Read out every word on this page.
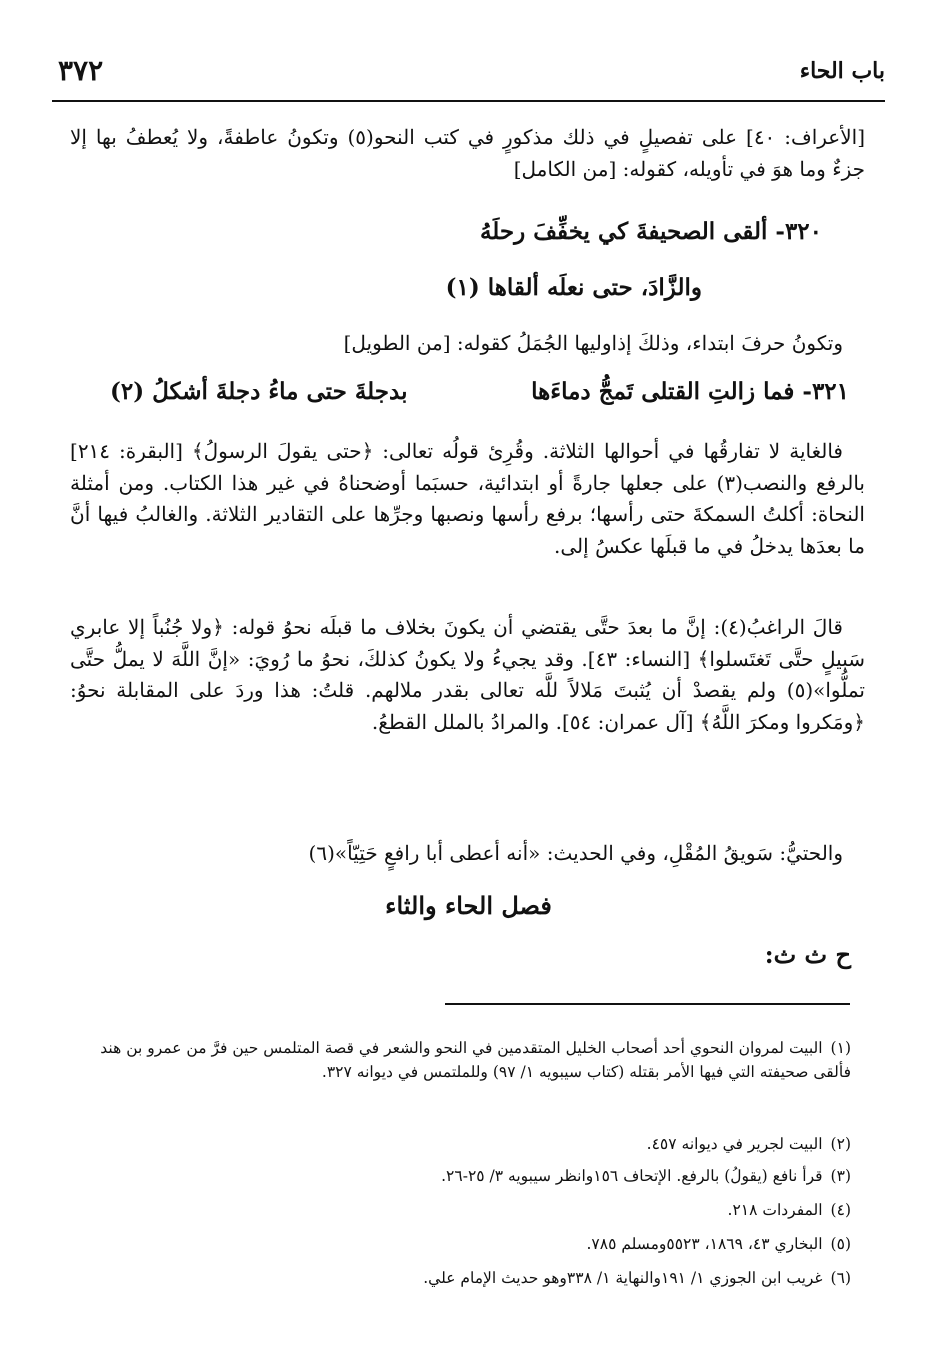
باب الحاء
٣٧٢

[الأعراف: ٤٠] على تفصيلٍ في ذلك مذكورٍ في كتب النحو(٥) وتكونُ عاطفةً، ولا يُعطفُ بها إلا جزءٌ وما هوَ في تأويله، كقوله: [من الكامل]

٣٢٠- ألقى الصحيفةَ كي يخفِّفَ رحلَهُ
والزَّادَ، حتى نعلَه ألقاها (١)

وتكونُ حرفَ ابتداء، وذلكَ إذاوليها الجُمَلُ كقوله: [من الطويل]

٣٢١- فما زالتِ القتلى تَمجُّ دماءَها
بدجلةَ حتى ماءُ دجلةَ أشكلُ (٢)

فالغاية لا تفارقُها في أحوالها الثلاثة. وقُرِئ قولُه تعالى: ﴿حتى يقولَ الرسولُ﴾ [البقرة: ٢١٤] بالرفع والنصب(٣) على جعلها جارةً أو ابتدائية، حسبَما أوضحناهُ في غير هذا الكتاب. ومن أمثلة النحاة: أكلتُ السمكةَ حتى رأسها؛ برفع رأسها ونصبها وجرِّها على التقادير الثلاثة. والغالبُ فيها أنَّ ما بعدَها يدخلُ في ما قبلَها عكسُ إلى.

قالَ الراغبُ(٤): إنَّ ما بعدَ حتَّى يقتضي أن يكونَ بخلاف ما قبلَه نحوُ قوله: ﴿ولا جُنُباً إلا عابري سَبيلٍ حتَّى تَغتَسلوا﴾ [النساء: ٤٣]. وقد يجيءُ ولا يكونُ كذلكَ، نحوُ ما رُويَ: «إنَّ اللَّهَ لا يملُّ حتَّى تملُّوا»(٥) ولم يقصدْ أن يُثبتَ مَلالاً للَّه تعالى بقدر ملالهم. قلتُ: هذا وردَ على المقابلة نحوُ: ﴿ومَكروا ومكرَ اللَّهُ﴾ [آل عمران: ٥٤]. والمرادُ بالملل القطعُ.

والحتيُّ: سَويقُ المُقْلِ، وفي الحديث: «أنه أعطى أبا رافعٍ حَتِيّاً»(٦)

فصل الحاء والثاء
ح ث ث:
(١)البيت لمروان النحوي أحد أصحاب الخليل المتقدمين في النحو والشعر في قصة المتلمس حين فرَّ من عمرو بن هند فألقى صحيفته التي فيها الأمر بقتله (كتاب سيبويه ١/ ٩٧) وللملتمس في ديوانه ٣٢٧.
(٢)البيت لجرير في ديوانه ٤٥٧.
(٣)قرأ نافع (يقولُ) بالرفع. الإتحاف ١٥٦وانظر سيبويه ٣/ ٢٥-٢٦.
(٤)المفردات ٢١٨.
(٥)البخاري ٤٣، ١٨٦٩، ٥٥٢٣ومسلم ٧٨٥.
(٦)غريب ابن الجوزي ١/ ١٩١والنهاية ١/ ٣٣٨وهو حديث الإمام علي.
